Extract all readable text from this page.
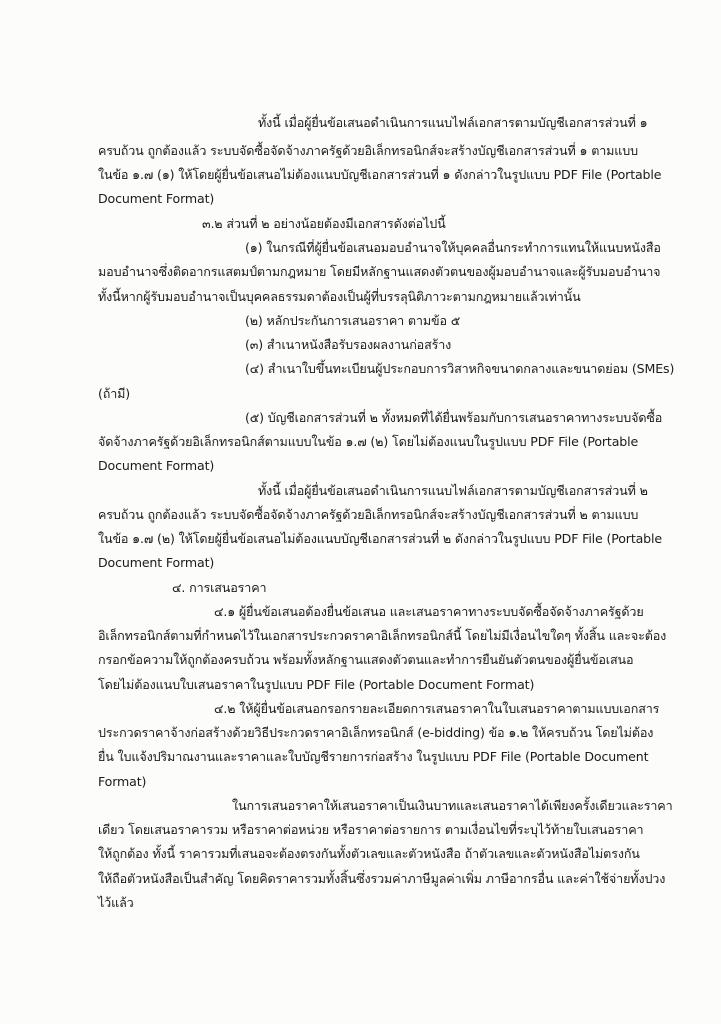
ทั้งนี้ เมื่อผู้ยื่นข้อเสนอดำเนินการแนบไฟล์เอกสารตามบัญชีเอกสารส่วนที่ ๑
ครบถ้วน ถูกต้องแล้ว ระบบจัดซื้อจัดจ้างภาครัฐด้วยอิเล็กทรอนิกส์จะสร้างบัญชีเอกสารส่วนที่ ๑ ตามแบบ
ในข้อ ๑.๗ (๑) ให้โดยผู้ยื่นข้อเสนอไม่ต้องแนบบัญชีเอกสารส่วนที่ ๑ ดังกล่าวในรูปแบบ PDF File (Portable
Document Format)
๓.๒ ส่วนที่ ๒ อย่างน้อยต้องมีเอกสารดังต่อไปนี้
(๑) ในกรณีที่ผู้ยื่นข้อเสนอมอบอำนาจให้บุคคลอื่นกระทำการแทนให้แนบหนังสือ
มอบอำนาจซึ่งติดอากรแสตมป์ตามกฎหมาย โดยมีหลักฐานแสดงตัวตนของผู้มอบอำนาจและผู้รับมอบอำนาจ
ทั้งนี้หากผู้รับมอบอำนาจเป็นบุคคลธรรมดาต้องเป็นผู้ที่บรรลุนิติภาวะตามกฎหมายแล้วเท่านั้น
(๒) หลักประกันการเสนอราคา ตามข้อ ๕
(๓) สำเนาหนังสือรับรองผลงานก่อสร้าง
(๔) สำเนาใบขึ้นทะเบียนผู้ประกอบการวิสาหกิจขนาดกลางและขนาดย่อม (SMEs)
(ถ้ามี)
(๕) บัญชีเอกสารส่วนที่ ๒ ทั้งหมดที่ได้ยื่นพร้อมกับการเสนอราคาทางระบบจัดซื้อ
จัดจ้างภาครัฐด้วยอิเล็กทรอนิกส์ตามแบบในข้อ ๑.๗ (๒) โดยไม่ต้องแนบในรูปแบบ PDF File (Portable
Document Format)
ทั้งนี้ เมื่อผู้ยื่นข้อเสนอดำเนินการแนบไฟล์เอกสารตามบัญชีเอกสารส่วนที่ ๒
ครบถ้วน ถูกต้องแล้ว ระบบจัดซื้อจัดจ้างภาครัฐด้วยอิเล็กทรอนิกส์จะสร้างบัญชีเอกสารส่วนที่ ๒ ตามแบบ
ในข้อ ๑.๗ (๒) ให้โดยผู้ยื่นข้อเสนอไม่ต้องแนบบัญชีเอกสารส่วนที่ ๒ ดังกล่าวในรูปแบบ PDF File (Portable
Document Format)
๔. การเสนอราคา
๔.๑ ผู้ยื่นข้อเสนอต้องยื่นข้อเสนอ และเสนอราคาทางระบบจัดซื้อจัดจ้างภาครัฐด้วย
อิเล็กทรอนิกส์ตามที่กำหนดไว้ในเอกสารประกวดราคาอิเล็กทรอนิกส์นี้ โดยไม่มีเงื่อนไขใดๆ ทั้งสิ้น และจะต้อง
กรอกข้อความให้ถูกต้องครบถ้วน พร้อมทั้งหลักฐานแสดงตัวตนและทำการยืนยันตัวตนของผู้ยื่นข้อเสนอ
โดยไม่ต้องแนบใบเสนอราคาในรูปแบบ PDF File (Portable Document Format)
๔.๒ ให้ผู้ยื่นข้อเสนอกรอกรายละเอียดการเสนอราคาในใบเสนอราคาตามแบบเอกสาร
ประกวดราคาจ้างก่อสร้างด้วยวิธีประกวดราคาอิเล็กทรอนิกส์ (e-bidding) ข้อ ๑.๒ ให้ครบถ้วน โดยไม่ต้อง
ยื่น ใบแจ้งปริมาณงานและราคาและใบบัญชีรายการก่อสร้าง ในรูปแบบ PDF File (Portable Document
Format)
ในการเสนอราคาให้เสนอราคาเป็นเงินบาทและเสนอราคาได้เพียงครั้งเดียวและราคา
เดียว โดยเสนอราคารวม หรือราคาต่อหน่วย หรือราคาต่อรายการ ตามเงื่อนไขที่ระบุไว้ท้ายใบเสนอราคา
ให้ถูกต้อง ทั้งนี้ ราคารวมที่เสนอจะต้องตรงกันทั้งตัวเลขและตัวหนังสือ ถ้าตัวเลขและตัวหนังสือไม่ตรงกัน
ให้ถือตัวหนังสือเป็นสำคัญ โดยคิดราคารวมทั้งสิ้นซึ่งรวมค่าภาษีมูลค่าเพิ่ม ภาษีอากรอื่น และค่าใช้จ่ายทั้งปวง
ไว้แล้ว
